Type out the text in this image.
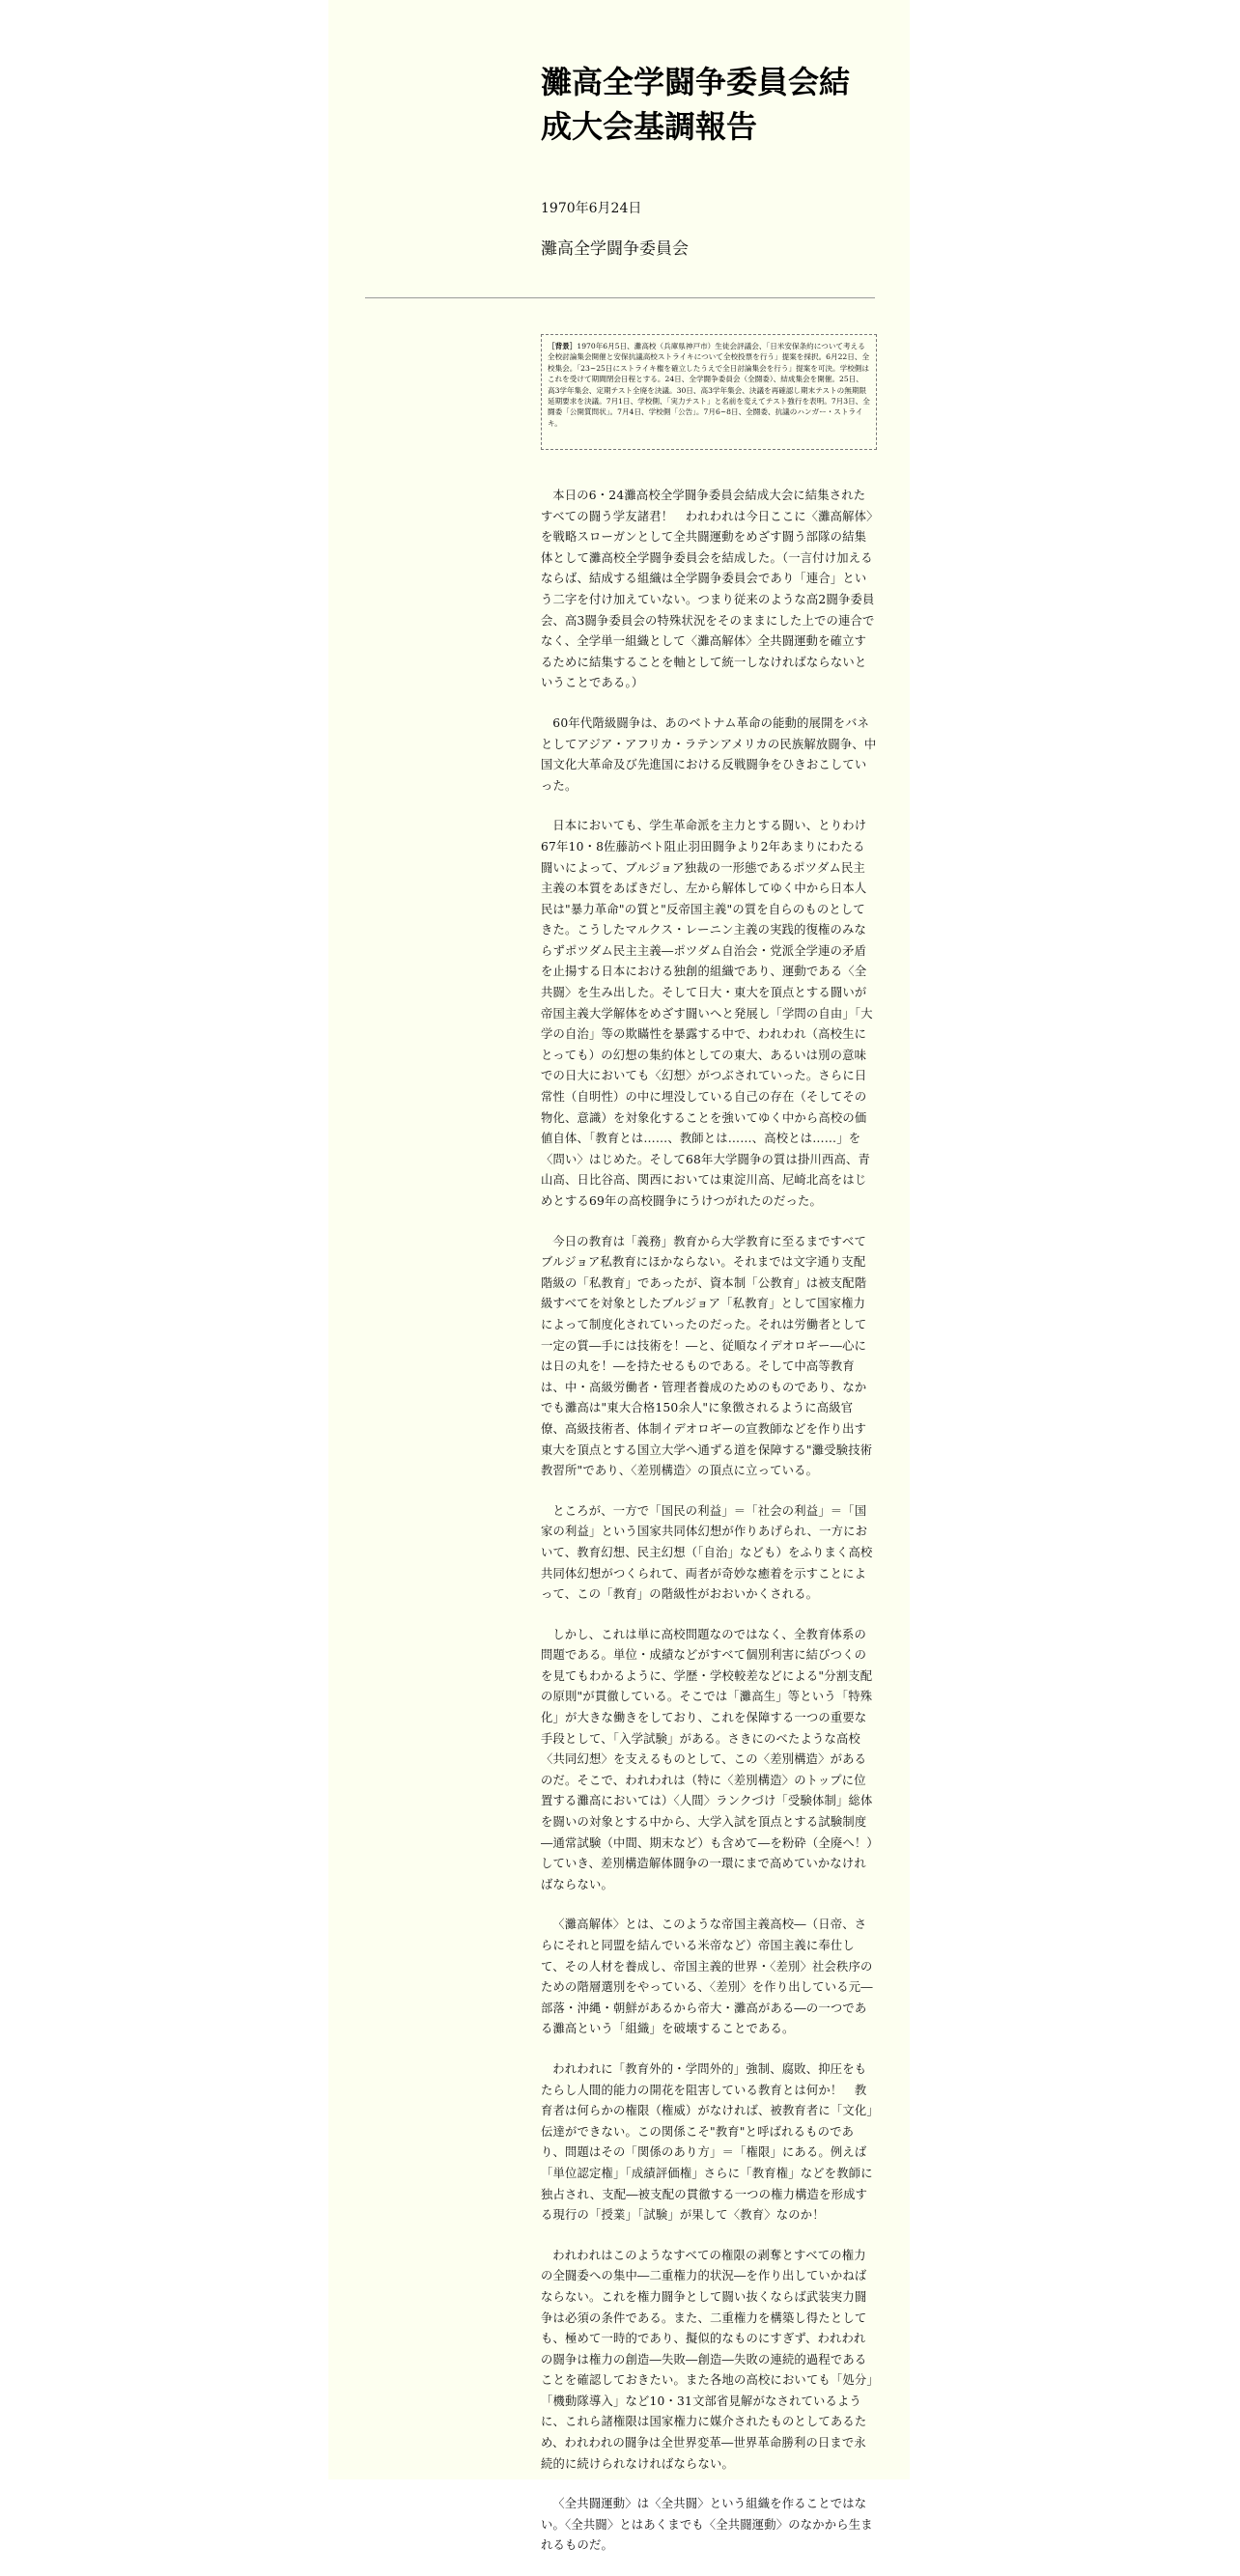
灘高全学闘争委員会結成大会基調報告
1970年6月24日
灘高全学闘争委員会
［背景］1970年6月5日、灘高校（兵庫県神戸市）生徒会評議会、「日米安保条約について考える全校討論集会開催と安保抗議高校ストライキについて全校投票を行う」提案を採択。6月22日、全校集会。「23~25日にストライキ権を確立したうえで全日討論集会を行う」提案を可決。学校側はこれを受けて期間閉会日程とする。24日、全学闘争委員会（全闘委）、結成集会を開催。25日、高3学年集会、定期テスト全廃を決議。30日、高3学年集会、決議を再確認し期末テストの無期限延期要求を決議。7月1日、学校側、「実力テスト」と名前を変えてテスト強行を表明。7月3日、全闘委「公開質問状」。7月4日、学校側「公告」。7月6~8日、全闘委、抗議のハンガー・ストライキ。

本日の6・24灘高校全学闘争委員会結成大会に結集されたすべての闘う学友諸君！　われわれは今日ここに〈灘高解体〉を戦略スローガンとして全共闘運動をめざす闘う部隊の結集体として灘高校全学闘争委員会を結成した。（一言付け加えるならば、結成する組織は全学闘争委員会であり「連合」という二字を付け加えていない。つまり従来のような高2闘争委員会、高3闘争委員会の特殊状況をそのままにした上での連合でなく、全学単一組織として〈灘高解体〉全共闘運動を確立するために結集することを軸として統一しなければならないということである。）

60年代階級闘争は、あのベトナム革命の能動的展開をバネとしてアジア・アフリカ・ラテンアメリカの民族解放闘争、中国文化大革命及び先進国における反戦闘争をひきおこしていった。

日本においても、学生革命派を主力とする闘い、とりわけ67年10・8佐藤訪ベト阻止羽田闘争より2年あまりにわたる闘いによって、ブルジョア独裁の一形態であるポツダム民主主義の本質をあばきだし、左から解体してゆく中から日本人民は"暴力革命"の質と"反帝国主義"の質を自らのものとしてきた。こうしたマルクス・レーニン主義の実践的復権のみならずポツダム民主主義―ポツダム自治会・党派全学連の矛盾を止揚する日本における独創的組織であり、運動である〈全共闘〉を生み出した。そして日大・東大を頂点とする闘いが帝国主義大学解体をめざす闘いへと発展し「学問の自由」「大学の自治」等の欺瞞性を暴露する中で、われわれ（高校生にとっても）の幻想の集約体としての東大、あるいは別の意味での日大においても〈幻想〉がつぶされていった。さらに日常性（自明性）の中に埋没している自己の存在（そしてその物化、意識）を対象化することを強いてゆく中から高校の価値自体、「教育とは……、教師とは……、高校とは……」を〈問い〉はじめた。そして68年大学闘争の質は掛川西高、青山高、日比谷高、関西においては東淀川高、尼崎北高をはじめとする69年の高校闘争にうけつがれたのだった。

今日の教育は「義務」教育から大学教育に至るまですべてブルジョア私教育にほかならない。それまでは文字通り支配階級の「私教育」であったが、資本制「公教育」は被支配階級すべてを対象としたブルジョア「私教育」として国家権力によって制度化されていったのだった。それは労働者として一定の質―手には技術を！―と、従順なイデオロギー―心には日の丸を！―を持たせるものである。そして中高等教育は、中・高級労働者・管理者養成のためのものであり、なかでも灘高は"東大合格150余人"に象徴されるように高級官僚、高級技術者、体制イデオロギーの宣教師などを作り出す東大を頂点とする国立大学へ通ずる道を保障する"灘受験技術教習所"であり、〈差別構造〉の頂点に立っている。

ところが、一方で「国民の利益」＝「社会の利益」＝「国家の利益」という国家共同体幻想が作りあげられ、一方において、教育幻想、民主幻想（「自治」なども）をふりまく高校共同体幻想がつくられて、両者が奇妙な癒着を示すことによって、この「教育」の階級性がおおいかくされる。

しかし、これは単に高校問題なのではなく、全教育体系の問題である。単位・成績などがすべて個別利害に結びつくのを見てもわかるように、学歴・学校較差などによる"分割支配の原則"が貫徹している。そこでは「灘高生」等という「特殊化」が大きな働きをしており、これを保障する一つの重要な手段として、「入学試験」がある。さきにのべたような高校〈共同幻想〉を支えるものとして、この〈差別構造〉があるのだ。そこで、われわれは（特に〈差別構造〉のトップに位置する灘高においては）〈人間〉ランクづけ「受験体制」総体を闘いの対象とする中から、大学入試を頂点とする試験制度―通常試験（中間、期末など）も含めて―を粉砕（全廃へ！）していき、差別構造解体闘争の一環にまで高めていかなければならない。

〈灘高解体〉とは、このような帝国主義高校―（日帝、さらにそれと同盟を結んでいる米帝など）帝国主義に奉仕して、その人材を養成し、帝国主義的世界・〈差別〉社会秩序のための階層選別をやっている、〈差別〉を作り出している元―部落・沖縄・朝鮮があるから帝大・灘高がある―の一つである灘高という「組織」を破壊することである。

われわれに「教育外的・学問外的」強制、腐敗、抑圧をもたらし人間的能力の開花を阻害している教育とは何か！　教育者は何らかの権限（権威）がなければ、被教育者に「文化」伝達ができない。この関係こそ"教育"と呼ばれるものであり、問題はその「関係のあり方」＝「権限」にある。例えば「単位認定権」「成績評価権」さらに「教育権」などを教師に独占され、支配―被支配の貫徹する一つの権力構造を形成する現行の「授業」「試験」が果して〈教育〉なのか！

われわれはこのようなすべての権限の剥奪とすべての権力の全闘委への集中―二重権力的状況―を作り出していかねばならない。これを権力闘争として闘い抜くならば武装実力闘争は必須の条件である。また、二重権力を構築し得たとしても、極めて一時的であり、擬似的なものにすぎず、われわれの闘争は権力の創造―失敗―創造―失敗の連続的過程であることを確認しておきたい。また各地の高校においても「処分」「機動隊導入」など10・31文部省見解がなされているように、これら諸権限は国家権力に媒介されたものとしてあるため、われわれの闘争は全世界変革―世界革命勝利の日まで永続的に続けられなければならない。

〈全共闘運動〉は〈全共闘〉という組織を作ることではない。〈全共闘〉とはあくまでも〈全共闘運動〉のなかから生まれるものだ。
